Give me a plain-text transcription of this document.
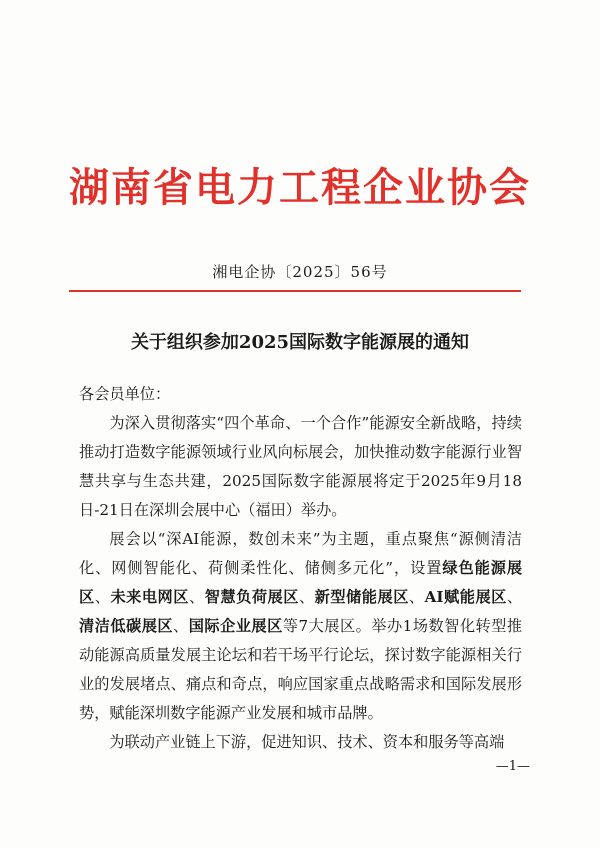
湖南省电力工程企业协会
湘电企协〔2025〕56号
关于组织参加2025国际数字能源展的通知

各会员单位：

为深入贯彻落实“四个革命、一个合作”能源安全新战略，持续推动打造数字能源领域行业风向标展会，加快推动数字能源行业智慧共享与生态共建，2025国际数字能源展将定于2025年9月18日-21日在深圳会展中心（福田）举办。

展会以“深AI能源，数创未来”为主题，重点聚焦“源侧清洁化、网侧智能化、荷侧柔性化、储侧多元化”，设置绿色能源展区、未来电网区、智慧负荷展区、新型储能展区、AI赋能展区、清洁低碳展区、国际企业展区等7大展区。举办1场数智化转型推动能源高质量发展主论坛和若干场平行论坛，探讨数字能源相关行业的发展堵点、痛点和奇点，响应国家重点战略需求和国际发展形势，赋能深圳数字能源产业发展和城市品牌。

为联动产业链上下游，促进知识、技术、资本和服务等高端

—1—
